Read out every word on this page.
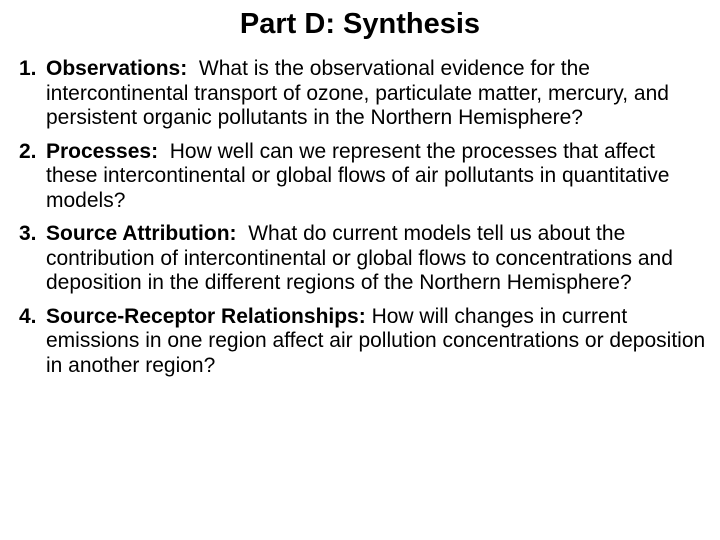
Part D: Synthesis
1. Observations: What is the observational evidence for the intercontinental transport of ozone, particulate matter, mercury, and persistent organic pollutants in the Northern Hemisphere?
2. Processes: How well can we represent the processes that affect these intercontinental or global flows of air pollutants in quantitative models?
3. Source Attribution: What do current models tell us about the contribution of intercontinental or global flows to concentrations and deposition in the different regions of the Northern Hemisphere?
4. Source-Receptor Relationships: How will changes in current emissions in one region affect air pollution concentrations or deposition in another region?
